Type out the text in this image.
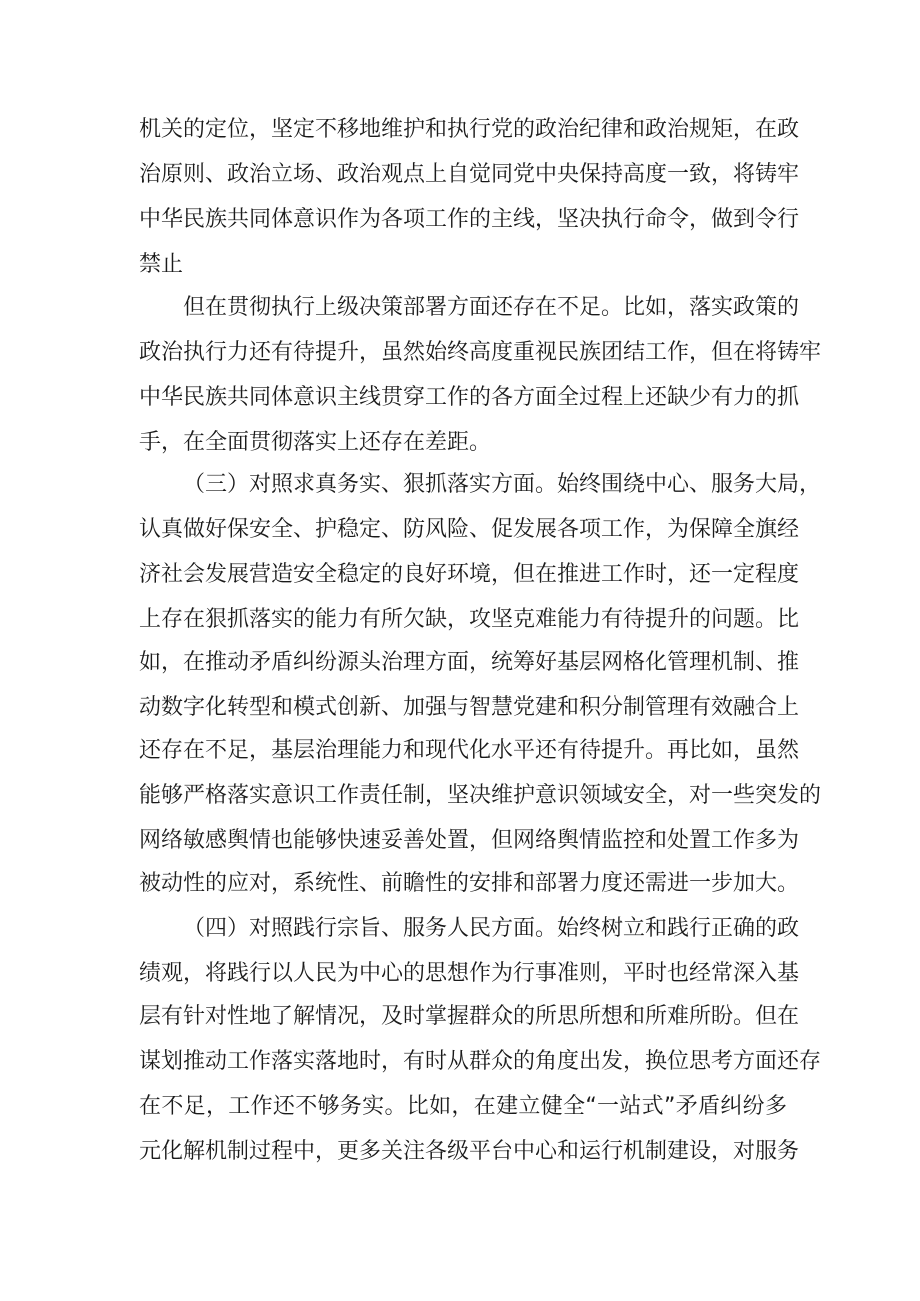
机关的定位，坚定不移地维护和执行党的政治纪律和政治规矩，在政
治原则、政治立场、政治观点上自觉同党中央保持高度一致，将铸牢
中华民族共同体意识作为各项工作的主线，坚决执行命令，做到令行
禁止
但在贯彻执行上级决策部署方面还存在不足。比如，落实政策的
政治执行力还有待提升，虽然始终高度重视民族团结工作，但在将铸牢
中华民族共同体意识主线贯穿工作的各方面全过程上还缺少有力的抓
手，在全面贯彻落实上还存在差距。
（三）对照求真务实、狠抓落实方面。始终围绕中心、服务大局，
认真做好保安全、护稳定、防风险、促发展各项工作，为保障全旗经
济社会发展营造安全稳定的良好环境，但在推进工作时，还一定程度
上存在狠抓落实的能力有所欠缺，攻坚克难能力有待提升的问题。比
如，在推动矛盾纠纷源头治理方面，统筹好基层网格化管理机制、推
动数字化转型和模式创新、加强与智慧党建和积分制管理有效融合上
还存在不足，基层治理能力和现代化水平还有待提升。再比如，虽然
能够严格落实意识工作责任制，坚决维护意识领域安全，对一些突发的
网络敏感舆情也能够快速妥善处置，但网络舆情监控和处置工作多为
被动性的应对，系统性、前瞻性的安排和部署力度还需进一步加大。
（四）对照践行宗旨、服务人民方面。始终树立和践行正确的政
绩观，将践行以人民为中心的思想作为行事准则，平时也经常深入基
层有针对性地了解情况，及时掌握群众的所思所想和所难所盼。但在
谋划推动工作落实落地时，有时从群众的角度出发，换位思考方面还存
在不足，工作还不够务实。比如，在建立健全“一站式”矛盾纠纷多
元化解机制过程中，更多关注各级平台中心和运行机制建设，对服务
